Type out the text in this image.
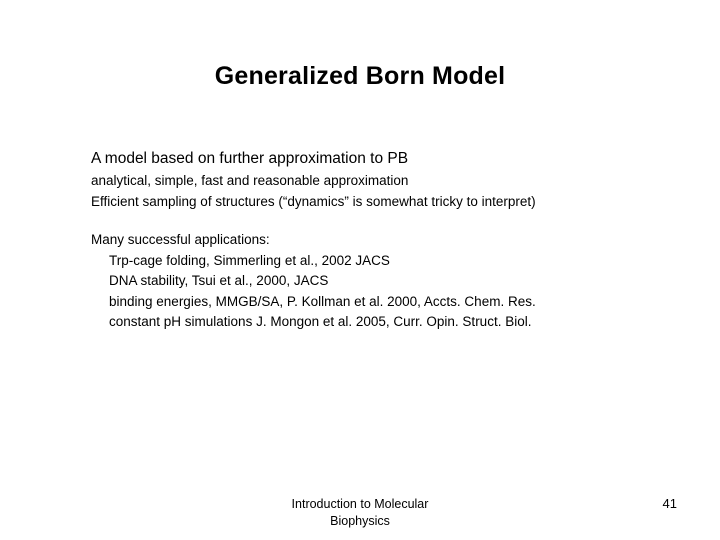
Generalized Born Model

A model based on further approximation to PB

analytical, simple, fast and reasonable approximation

Efficient sampling of structures (“dynamics” is somewhat tricky to interpret)

Many successful applications:

Trp-cage folding, Simmerling et al., 2002 JACS

DNA stability, Tsui et al., 2000, JACS

binding energies, MMGB/SA, P. Kollman et al. 2000, Accts. Chem. Res.

constant pH simulations J. Mongon et al. 2005, Curr. Opin. Struct. Biol.

Introduction to Molecular
Biophysics
41
